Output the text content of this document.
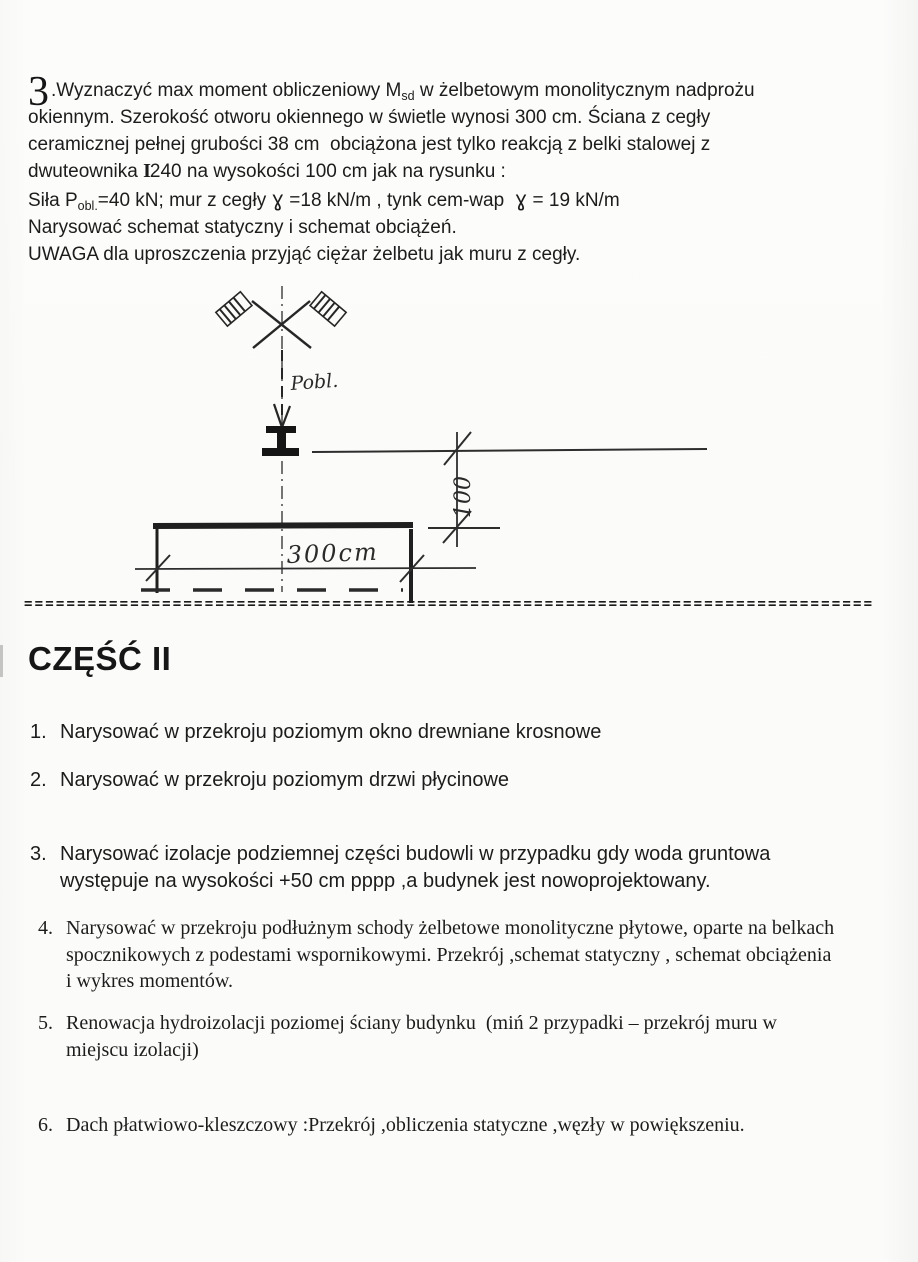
3 .Wyznaczyć max moment obliczeniowy $M_{sd}$ w żelbetowym monolitycznym nadprożu
okiennym. Szerokość otworu okiennego w świetle wynosi 300 cm. Ściana z cegły
ceramicznej pełnej grubości 38 cm  obciążona jest tylko reakcją z belki stalowej z
dwuteownika I240 na wysokości 100 cm jak na rysunku :
Siła $P_{obl.}=40$ kN; mur z cegły ɣ =18 kN/m , tynk cem-wap  ɣ = 19 kN/m
Narysować schemat statyczny i schemat obciążeń.
UWAGA dla uproszczenia przyjąć ciężar żelbetu jak muru z cegły.
Pobl.
100
300cm
================================================================================
CZĘŚĆ II
1. Narysować w przekroju poziomym okno drewniane krosnowe
2. Narysować w przekroju poziomym drzwi płycinowe
3. Narysować izolacje podziemnej części budowli w przypadku gdy woda gruntowa
występuje na wysokości +50 cm pppp ,a budynek jest nowoprojektowany.
4. Narysować w przekroju podłużnym schody żelbetowe monolityczne płytowe, oparte na belkach
spocznikowych z podestami wspornikowymi. Przekrój ,schemat statyczny , schemat obciążenia
i wykres momentów.
5. Renowacja hydroizolacji poziomej ściany budynku  (miń 2 przypadki – przekrój muru w
miejscu izolacji)
6. Dach płatwiowo-kleszczowy :Przekrój ,obliczenia statyczne ,węzły w powiększeniu.
